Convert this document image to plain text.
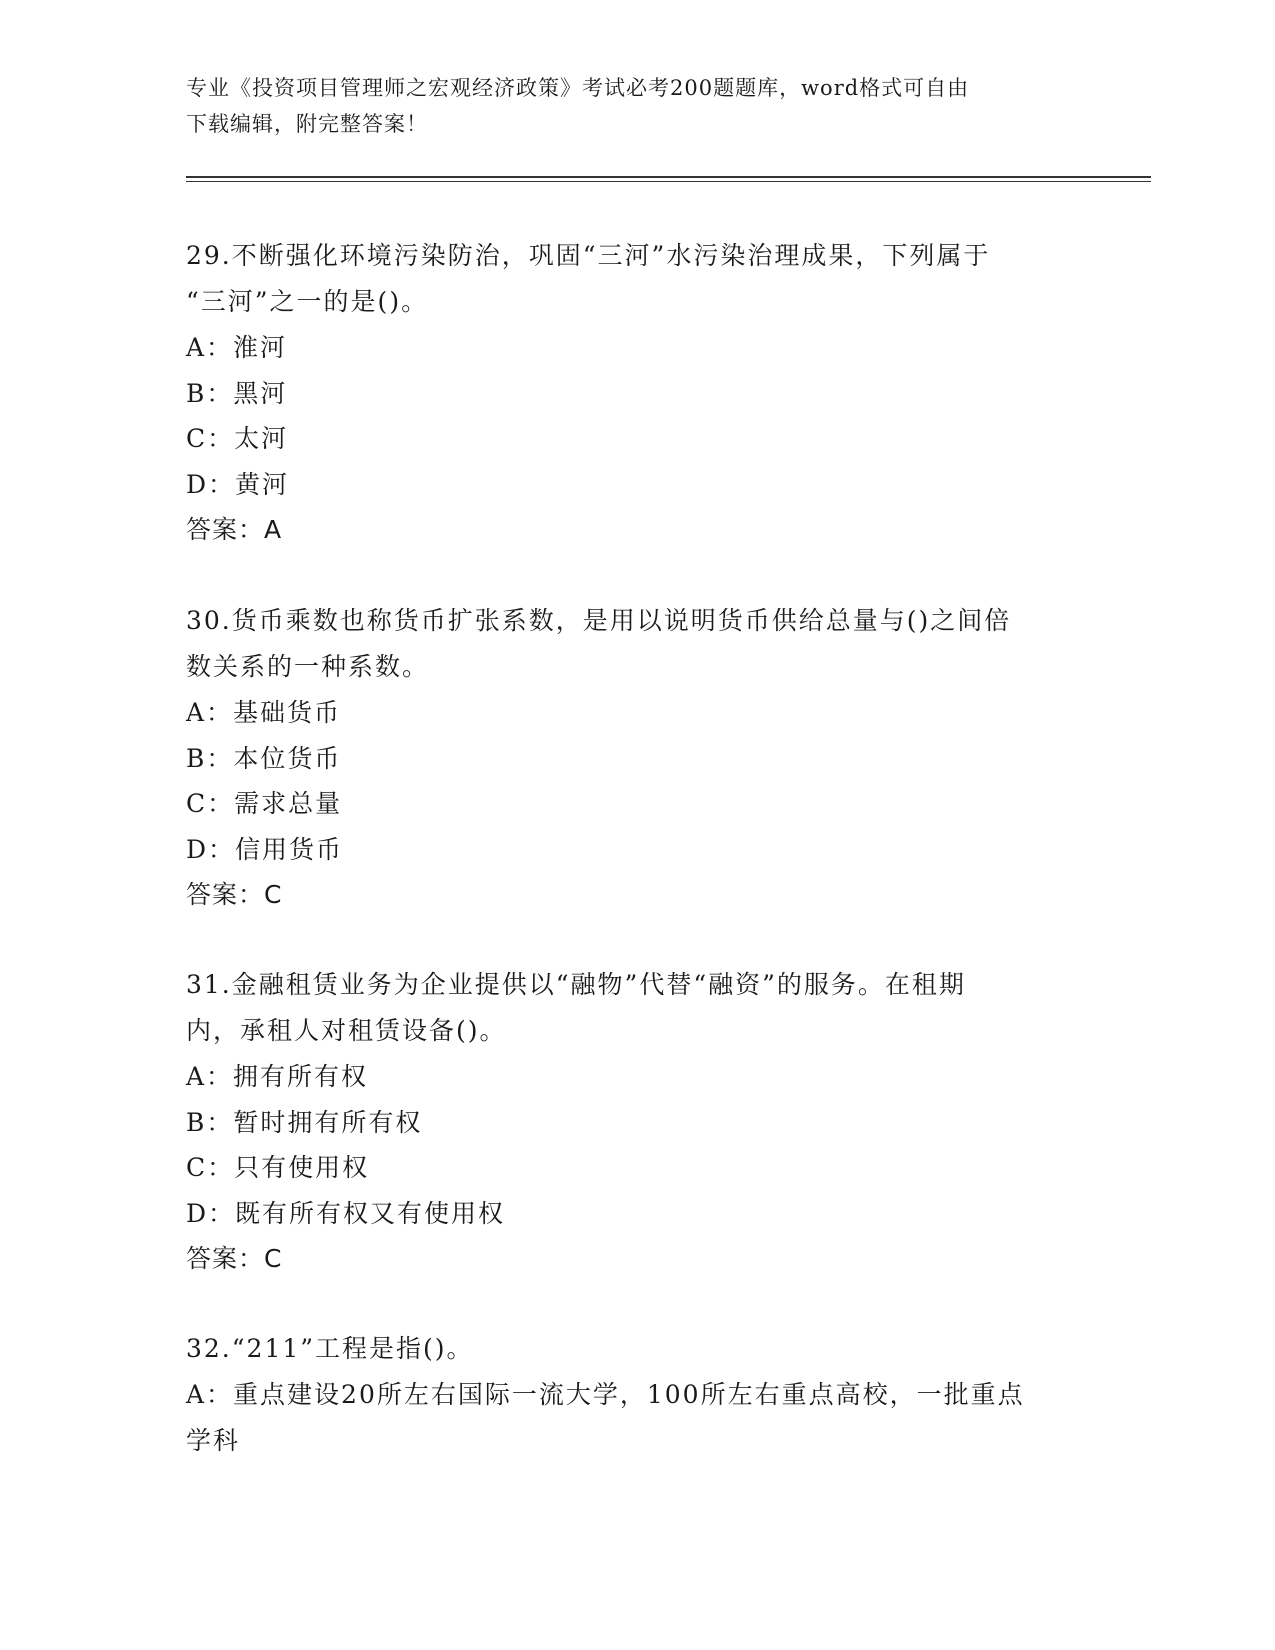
专业《投资项目管理师之宏观经济政策》考试必考200题题库，word格式可自由
下载编辑，附完整答案！

29.不断强化环境污染防治，巩固“三河”水污染治理成果，下列属于

“三河”之一的是()。

A：淮河

B：黑河

C：太河

D：黄河

答案：A

30.货币乘数也称货币扩张系数，是用以说明货币供给总量与()之间倍

数关系的一种系数。

A：基础货币

B：本位货币

C：需求总量

D：信用货币

答案：C

31.金融租赁业务为企业提供以“融物”代替“融资”的服务。在租期

内，承租人对租赁设备()。

A：拥有所有权

B：暂时拥有所有权

C：只有使用权

D：既有所有权又有使用权

答案：C

32.“211”工程是指()。

A：重点建设20所左右国际一流大学，100所左右重点高校，一批重点

学科
